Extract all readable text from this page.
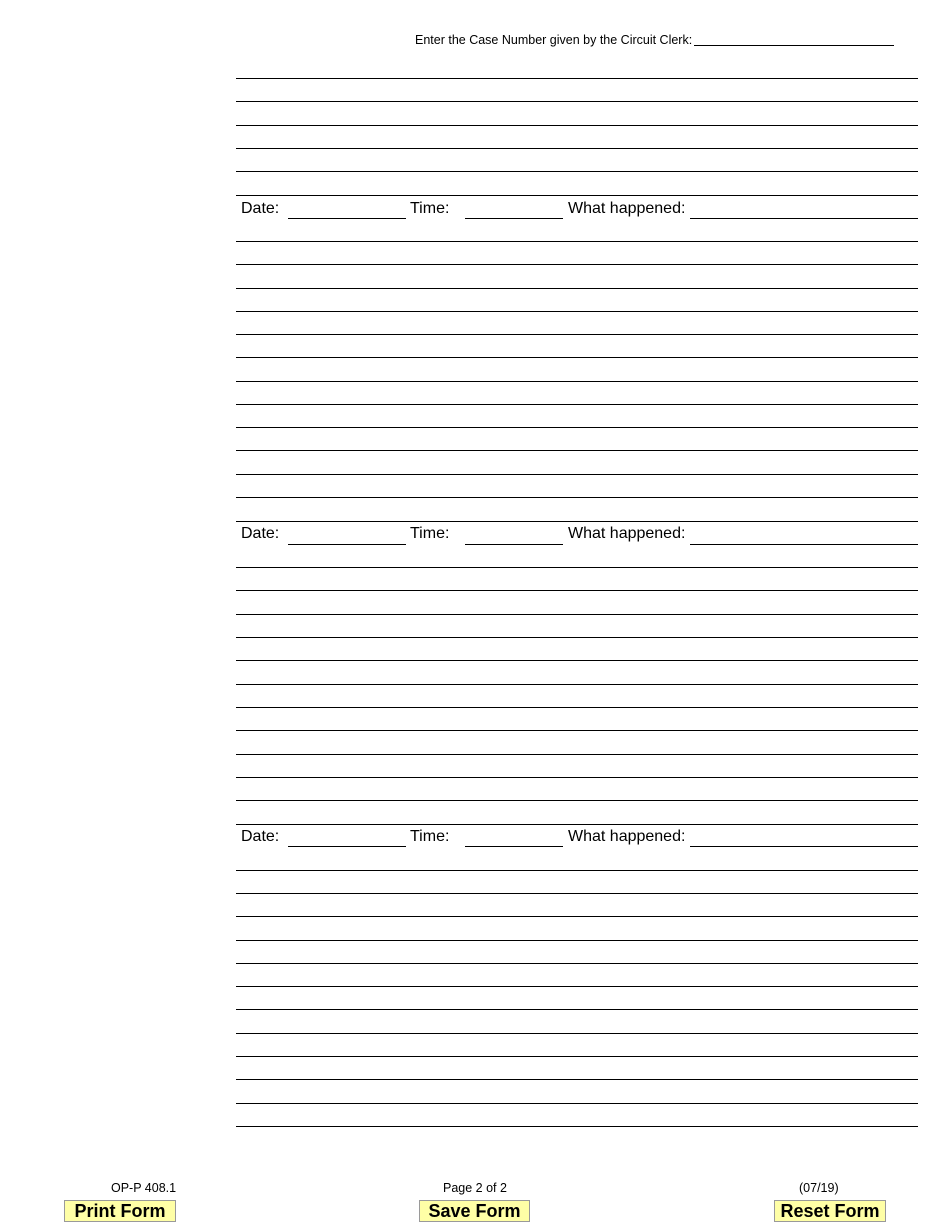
Enter the Case Number given by the Circuit Clerk:
Date:	Time:	What happened:
Date:	Time:	What happened:
Date:	Time:	What happened:
OP-P 408.1	Page 2 of 2	(07/19)
Print Form	Save Form	Reset Form
